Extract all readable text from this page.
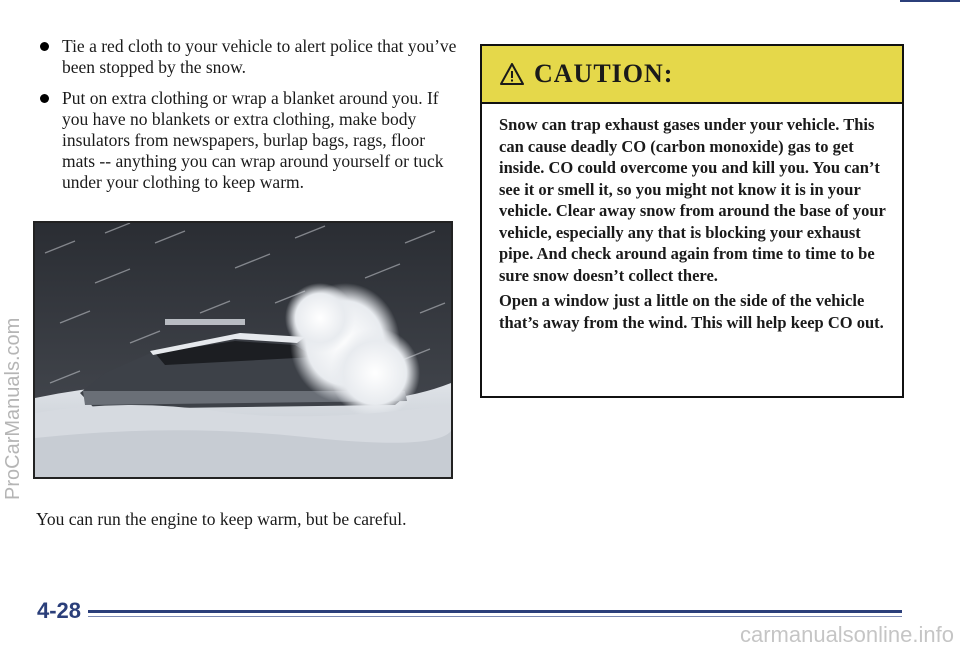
Tie a red cloth to your vehicle to alert police that you’ve been stopped by the snow.
Put on extra clothing or wrap a blanket around you. If you have no blankets or extra clothing, make body insulators from newspapers, burlap bags, rags, floor mats -- anything you can wrap around yourself or tuck under your clothing to keep warm.
You can run the engine to keep warm, but be careful.
CAUTION:

Snow can trap exhaust gases under your vehicle. This can cause deadly CO (carbon monoxide) gas to get inside. CO could overcome you and kill you. You can’t see it or smell it, so you might not know it is in your vehicle. Clear away snow from around the base of your vehicle, especially any that is blocking your exhaust pipe. And check around again from time to time to be sure snow doesn’t collect there.

Open a window just a little on the side of the vehicle that’s away from the wind. This will help keep CO out.

4-28
ProCarManuals.com
carmanualsonline.info
